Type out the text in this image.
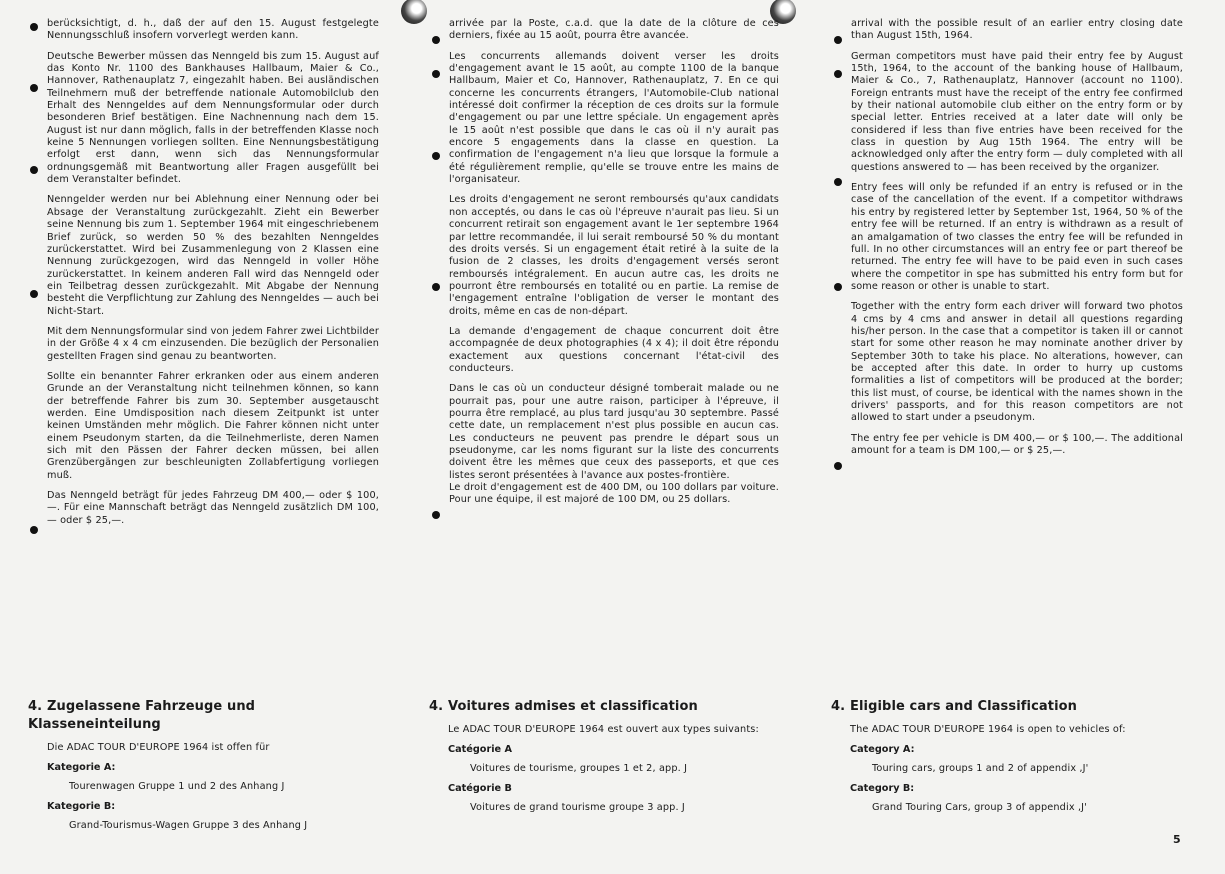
berücksichtigt, d. h., daß der auf den 15. August festgelegte Nennungsschluß insofern vorverlegt werden kann.

Deutsche Bewerber müssen das Nenngeld bis zum 15. August auf das Konto Nr. 1100 des Bankhauses Hallbaum, Maier & Co., Hannover, Rathenauplatz 7, eingezahlt haben. Bei ausländischen Teilnehmern muß der betreffende nationale Automobilclub den Erhalt des Nenngeldes auf dem Nennungsformular oder durch besonderen Brief bestätigen. Eine Nachnennung nach dem 15. August ist nur dann möglich, falls in der betreffenden Klasse noch keine 5 Nennungen vorliegen sollten. Eine Nennungsbestätigung erfolgt erst dann, wenn sich das Nennungsformular ordnungsgemäß mit Beantwortung aller Fragen ausgefüllt bei dem Veranstalter befindet.

Nenngelder werden nur bei Ablehnung einer Nennung oder bei Absage der Veranstaltung zurückgezahlt. Zieht ein Bewerber seine Nennung bis zum 1. September 1964 mit eingeschriebenem Brief zurück, so werden 50 % des bezahlten Nenngeldes zurückerstattet. Wird bei Zusammenlegung von 2 Klassen eine Nennung zurückgezogen, wird das Nenngeld in voller Höhe zurückerstattet. In keinem anderen Fall wird das Nenngeld oder ein Teilbetrag dessen zurückgezahlt. Mit Abgabe der Nennung besteht die Verpflichtung zur Zahlung des Nenngeldes — auch bei Nicht-Start.

Mit dem Nennungsformular sind von jedem Fahrer zwei Lichtbilder in der Größe 4 x 4 cm einzusenden. Die bezüglich der Personalien gestellten Fragen sind genau zu beantworten.

Sollte ein benannter Fahrer erkranken oder aus einem anderen Grunde an der Veranstaltung nicht teilnehmen können, so kann der betreffende Fahrer bis zum 30. September ausgetauscht werden. Eine Umdisposition nach diesem Zeitpunkt ist unter keinen Umständen mehr möglich. Die Fahrer können nicht unter einem Pseudonym starten, da die Teilnehmerliste, deren Namen sich mit den Pässen der Fahrer decken müssen, bei allen Grenzübergängen zur beschleunigten Zollabfertigung vorliegen muß.

Das Nenngeld beträgt für jedes Fahrzeug DM 400,— oder $ 100,—. Für eine Mannschaft beträgt das Nenngeld zusätzlich DM 100,— oder $ 25,—.

arrivée par la Poste, c.a.d. que la date de la clôture de ces derniers, fixée au 15 août, pourra être avancée.

Les concurrents allemands doivent verser les droits d'engagement avant le 15 août, au compte 1100 de la banque Hallbaum, Maier et Co, Hannover, Rathenauplatz, 7. En ce qui concerne les concurrents étrangers, l'Automobile-Club national intéressé doit confirmer la réception de ces droits sur la formule d'engagement ou par une lettre spéciale. Un engagement après le 15 août n'est possible que dans le cas où il n'y aurait pas encore 5 engagements dans la classe en question. La confirmation de l'engagement n'a lieu que lorsque la formule a été régulièrement remplie, qu'elle se trouve entre les mains de l'organisateur.

Les droits d'engagement ne seront remboursés qu'aux candidats non acceptés, ou dans le cas où l'épreuve n'aurait pas lieu. Si un concurrent retirait son engagement avant le 1er septembre 1964 par lettre recommandée, il lui serait remboursé 50 % du montant des droits versés. Si un engagement était retiré à la suite de la fusion de 2 classes, les droits d'engagement versés seront remboursés intégralement. En aucun autre cas, les droits ne pourront être remboursés en totalité ou en partie. La remise de l'engagement entraîne l'obligation de verser le montant des droits, même en cas de non-départ.

La demande d'engagement de chaque concurrent doit être accompagnée de deux photographies (4 x 4); il doit être répondu exactement aux questions concernant l'état-civil des conducteurs.

Dans le cas où un conducteur désigné tomberait malade ou ne pourrait pas, pour une autre raison, participer à l'épreuve, il pourra être remplacé, au plus tard jusqu'au 30 septembre. Passé cette date, un remplacement n'est plus possible en aucun cas. Les conducteurs ne peuvent pas prendre le départ sous un pseudonyme, car les noms figurant sur la liste des concurrents doivent être les mêmes que ceux des passeports, et que ces listes seront présentées à l'avance aux postes-frontière.
Le droit d'engagement est de 400 DM, ou 100 dollars par voiture. Pour une équipe, il est majoré de 100 DM, ou 25 dollars.

arrival with the possible result of an earlier entry closing date than August 15th, 1964.

German competitors must have paid their entry fee by August 15th, 1964, to the account of the banking house of Hallbaum, Maier & Co., 7, Rathenauplatz, Hannover (account no 1100). Foreign entrants must have the receipt of the entry fee confirmed by their national automobile club either on the entry form or by special letter. Entries received at a later date will only be considered if less than five entries have been received for the class in question by Aug 15th 1964. The entry will be acknowledged only after the entry form — duly completed with all questions answered to — has been received by the organizer.

Entry fees will only be refunded if an entry is refused or in the case of the cancellation of the event. If a competitor withdraws his entry by registered letter by September 1st, 1964, 50 % of the entry fee will be returned. If an entry is withdrawn as a result of an amalgamation of two classes the entry fee will be refunded in full. In no other circumstances will an entry fee or part thereof be returned. The entry fee will have to be paid even in such cases where the competitor in spe has submitted his entry form but for some reason or other is unable to start.

Together with the entry form each driver will forward two photos 4 cms by 4 cms and answer in detail all questions regarding his/her person. In the case that a competitor is taken ill or cannot start for some other reason he may nominate another driver by September 30th to take his place. No alterations, however, can be accepted after this date. In order to hurry up customs formalities a list of competitors will be produced at the border; this list must, of course, be identical with the names shown in the drivers' passports, and for this reason competitors are not allowed to start under a pseudonym.

The entry fee per vehicle is DM 400,— or $ 100,—. The additional amount for a team is DM 100,— or $ 25,—.

4. Zugelassene Fahrzeuge und Klasseneinteilung
Die ADAC TOUR D'EUROPE 1964 ist offen für
Kategorie A:
Tourenwagen Gruppe 1 und 2 des Anhang J
Kategorie B:
Grand-Tourismus-Wagen Gruppe 3 des Anhang J
4. Voitures admises et classification
Le ADAC TOUR D'EUROPE 1964 est ouvert aux types suivants:
Catégorie A
Voitures de tourisme, groupes 1 et 2, app. J
Catégorie B
Voitures de grand tourisme groupe 3 app. J
4. Eligible cars and Classification
The ADAC TOUR D'EUROPE 1964 is open to vehicles of:
Category A:
Touring cars, groups 1 and 2 of appendix ‚J'
Category B:
Grand Touring Cars, group 3 of appendix ‚J'
5
